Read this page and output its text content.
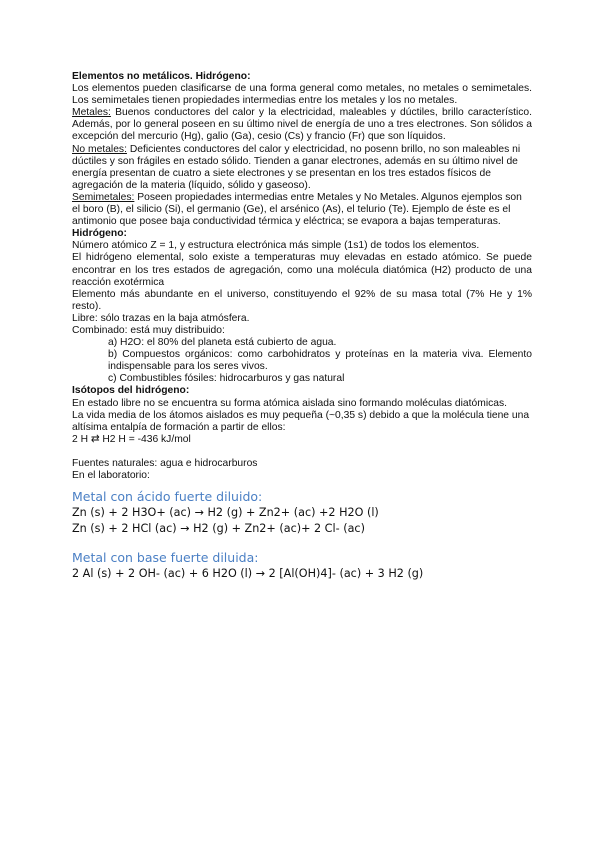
Elementos no metálicos. Hidrógeno:

Los elementos pueden clasificarse de una forma general como metales, no metales o semimetales. Los semimetales tienen propiedades intermedias entre los metales y los no metales.

Metales: Buenos conductores del calor y la electricidad, maleables y dúctiles, brillo característico. Además, por lo general poseen en su último nivel de energía de uno a tres electrones. Son sólidos a excepción del mercurio (Hg), galio (Ga), cesio (Cs) y francio (Fr) que son líquidos.

No metales: Deficientes conductores del calor y electricidad, no posenn brillo, no son maleables ni dúctiles y son frágiles en estado sólido. Tienden a ganar electrones, además en su último nivel de energía presentan de cuatro a siete electrones y se presentan en los tres estados físicos de agregación de la materia (líquido, sólido y gaseoso).

Semimetales: Poseen propiedades intermedias entre Metales y No Metales. Algunos ejemplos son el boro (B), el silicio (Si), el germanio (Ge), el arsénico (As), el telurio (Te). Ejemplo de éste es el antimonio que posee baja conductividad térmica y eléctrica; se evapora a bajas temperaturas.

Hidrógeno:

Número atómico Z = 1, y estructura electrónica más simple (1s1) de todos los elementos.

El hidrógeno elemental, solo existe a temperaturas muy elevadas en estado atómico. Se puede encontrar en los tres estados de agregación, como una molécula diatómica (H2) producto de una reacción exotérmica

Elemento más abundante en el universo, constituyendo el 92% de su masa total (7% He y 1% resto).

Libre: sólo trazas en la baja atmósfera.

Combinado: está muy distribuido:

a) H2O: el 80% del planeta está cubierto de agua.

b) Compuestos orgánicos: como carbohidratos y proteínas en la materia viva. Elemento indispensable para los seres vivos.

c) Combustibles fósiles: hidrocarburos y gas natural

Isótopos del hidrógeno:

En estado libre no se encuentra su forma atómica aislada sino formando moléculas diatómicas.

La vida media de los átomos aislados es muy pequeña (~0,35 s) debido a que la molécula tiene una altísima entalpía de formación a partir de ellos:

2 H ⇄ H2 H = -436 kJ/mol

Fuentes naturales: agua e hidrocarburos

En el laboratorio:

Metal con ácido fuerte diluido:

Zn (s) + 2 H3O+ (ac) → H2 (g) + Zn2+ (ac) +2 H2O (l)

Zn (s) + 2 HCl (ac) → H2 (g) + Zn2+ (ac)+ 2 Cl- (ac)

Metal con base fuerte diluida:

2 Al (s) + 2 OH- (ac) + 6 H2O (l) → 2 [Al(OH)4]- (ac) + 3 H2 (g)
